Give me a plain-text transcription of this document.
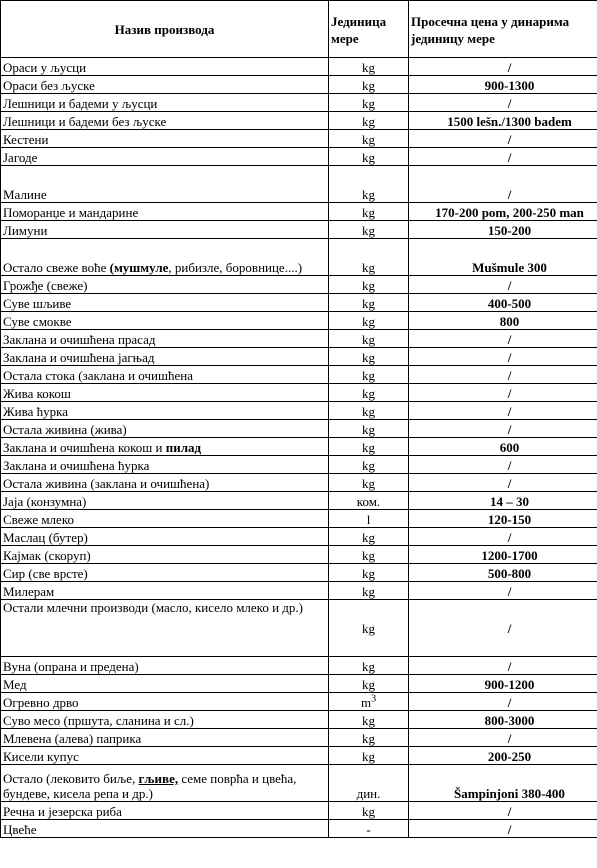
Назив производа	Јединица мере	Просечна цена у динарима јединицу мере
Ораси у љусци	kg	/
Ораси без љуске	kg	900-1300
Лешници и бадеми у љусци	kg	/
Лешници и бадеми без љуске	kg	1500 lešn./1300 badem
Кестени	kg	/
Јагоде	kg	/
Малине	kg	/
Поморанџе и мандарине	kg	170-200 pom, 200-250 man
Лимуни	kg	150-200
Остало свеже воће (мушмуле, рибизле, боровнице....)	kg	Mušmule 300
Грожђе (свеже)	kg	/
Суве шљиве	kg	400-500
Суве смокве	kg	800
Заклана и очишћена прасад	kg	/
Заклана и очишћена јагњад	kg	/
Остала стока (заклана и очишћена	kg	/
Жива кокош	kg	/
Жива ћурка	kg	/
Остала живина (жива)	kg	/
Заклана и очишћена кокош и пилад	kg	600
Заклана и очишћена ћурка	kg	/
Остала живина (заклана и очишћена)	kg	/
Јаја (конзумна)	ком.	14 – 30
Свеже млеко	l	120-150
Маслац (бутер)	kg	/
Кајмак (скоруп)	kg	1200-1700
Сир (све врсте)	kg	500-800
Милерам	kg	/
Остали млечни производи (масло, кисело млеко и др.)	kg	/
Вуна (опрана и предена)	kg	/
Мед	kg	900-1200
Огревно дрво	$m^3$	/
Суво месо (пршута, сланина и сл.)	kg	800-3000
Млевена (алева) паприка	kg	/
Кисели купус	kg	200-250
Остало (лековито биље, гљиве, семе поврћа и цвећа, бундеве, кисела репа и др.)	дин.	Šampinjoni 380-400
Речна и језерска риба	kg	/
Цвеће	-	/
